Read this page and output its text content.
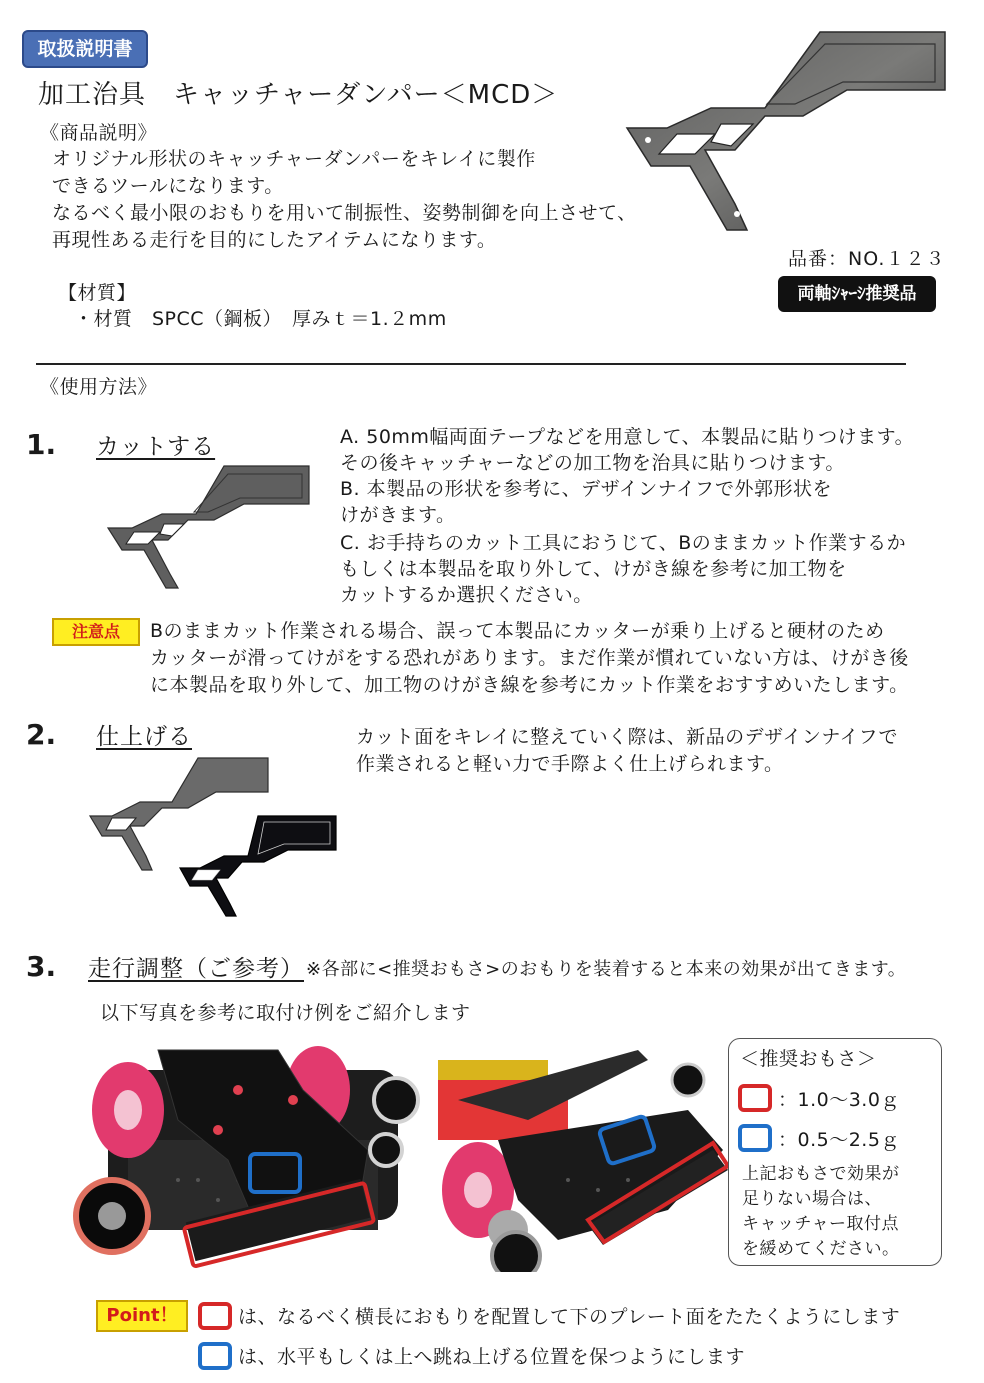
取扱説明書
加工治具　キャッチャーダンパー＜MCD＞
《商品説明》
オリジナル形状のキャッチャーダンパーをキレイに製作
できるツールになります。
なるべく最小限のおもりを用いて制振性、姿勢制御を向上させて、
再現性ある走行を目的にしたアイテムになります。
品番：NO.１２３
両軸ｼｬｰｼ推奨品
【材質】
・材質　SPCC（鋼板）　厚みｔ＝1.２mm
《使用方法》
1. カットする	A. 50mm幅両面テープなどを用意して、本製品に貼りつけます。
その後キャッチャーなどの加工物を治具に貼りつけます。
B. 本製品の形状を参考に、デザインナイフで外郭形状を
けがきます。
C. お手持ちのカット工具におうじて、Bのままカット作業するか
もしくは本製品を取り外して、けがき線を参考に加工物を
カットするか選択ください。
注意点	Bのままカット作業される場合、誤って本製品にカッターが乗り上げると硬材のため
カッターが滑ってけがをする恐れがあります。まだ作業が慣れていない方は、けがき後
に本製品を取り外して、加工物のけがき線を参考にカット作業をおすすめいたします。
2. 仕上げる	カット面をキレイに整えていく際は、新品のデザインナイフで
作業されると軽い力で手際よく仕上げられます。
3. 走行調整（ご参考） ※各部に<推奨おもさ>のおもりを装着すると本来の効果が出てきます。
以下写真を参考に取付け例をご紹介します
＜推奨おもさ＞
：1.0～3.0ｇ
：0.5～2.5ｇ
上記おもさで効果が
足りない場合は、
キャッチャー取付点
を緩めてください。
Point！	は、なるべく横長におもりを配置して下のプレート面をたたくようにします
は、水平もしくは上へ跳ね上げる位置を保つようにします
